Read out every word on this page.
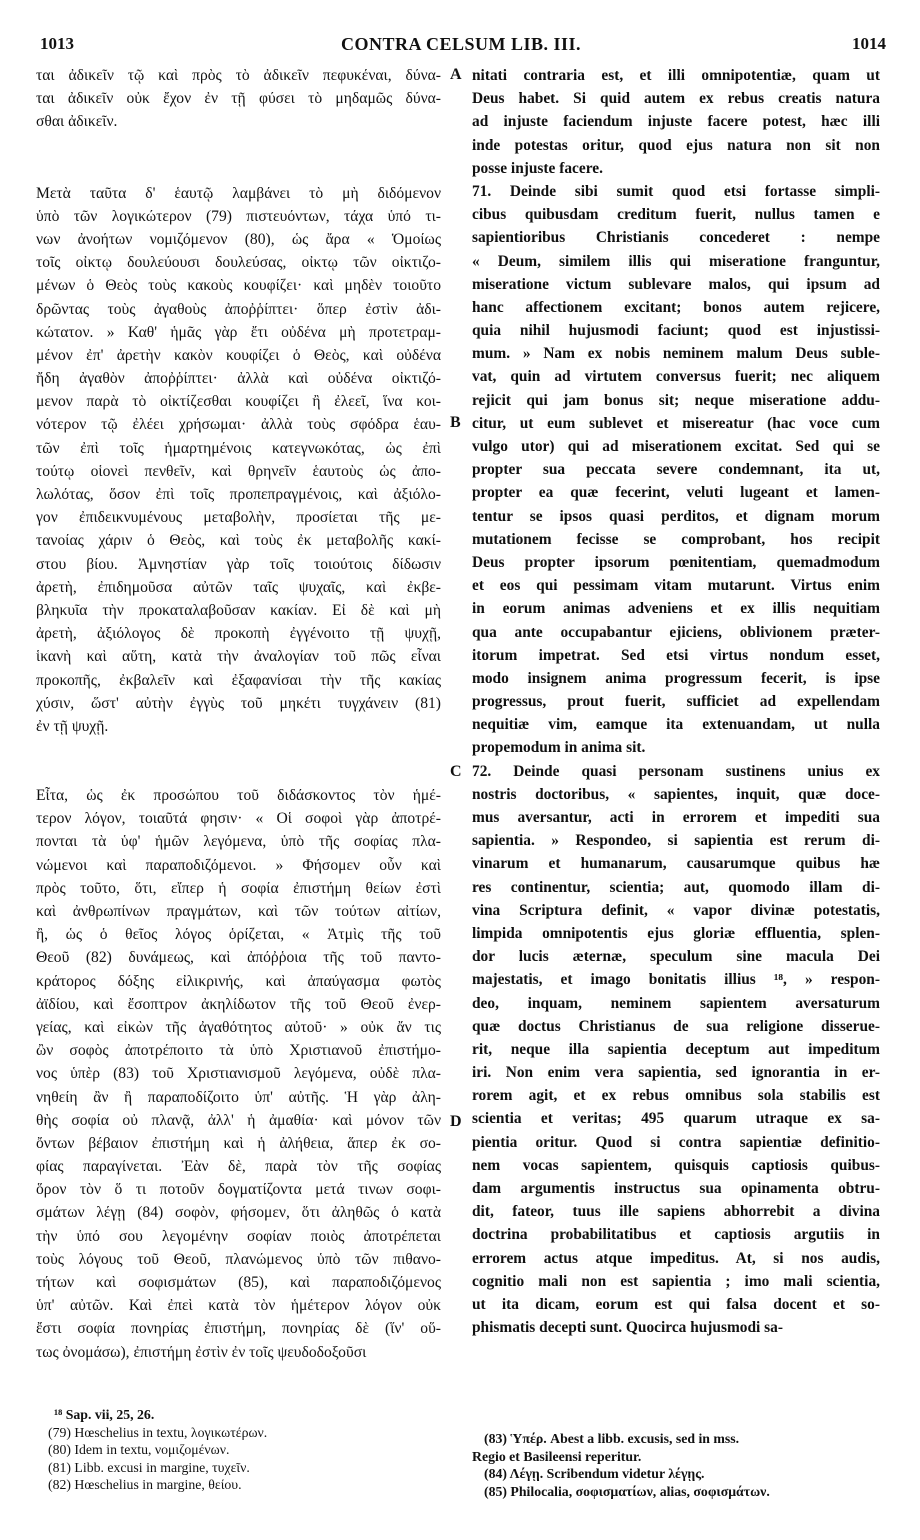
1013	CONTRA CELSUM LIB. III.	1014
ται ἀδικεῖν τῷ καὶ πρὸς τὸ ἀδικεῖν πεφυκέναι, δύνα-
ται ἀδικεῖν οὐκ ἔχον ἐν τῇ φύσει τὸ μηδαμῶς δύνα-
σθαι ἀδικεῖν.
Μετὰ ταῦτα δ' ἑαυτῷ λαμβάνει τὸ μὴ διδόμενον
ὑπὸ τῶν λογικώτερον (79) πιστευόντων, τάχα ὑπό τι-
νων ἀνοήτων νομιζόμενον (80), ὡς ἄρα « Ὁμοίως
τοῖς οἰκτῳ δουλεύουσι δουλεύσας, οἰκτῳ τῶν οἰκτιζο-
μένων ὁ Θεὸς τοὺς κακοὺς κουφίζει· καὶ μηδὲν τοιοῦτο
δρῶντας τοὺς ἀγαθοὺς ἀποῤῥίπτει· ὅπερ ἐστὶν ἀδι-
κώτατον. » Καθ' ἡμᾶς γὰρ ἔτι οὐδένα μὴ προτετραμ-
μένον ἐπ' ἀρετὴν κακὸν κουφίζει ὁ Θεὸς, καὶ οὐδένα
ἤδη ἀγαθὸν ἀποῤῥίπτει· ἀλλὰ καὶ οὐδένα οἰκτιζό-
μενον παρὰ τὸ οἰκτίζεσθαι κουφίζει ἢ ἐλεεῖ, ἵνα κοι-
νότερον τῷ ἐλέει χρήσωμαι· ἀλλὰ τοὺς σφόδρα ἑαυ-
τῶν ἐπὶ τοῖς ἡμαρτημένοις κατεγνωκότας, ὡς ἐπὶ
τούτῳ οἱονεὶ πενθεῖν, καὶ θρηνεῖν ἑαυτοὺς ὡς ἀπο-
λωλότας, ὅσον ἐπὶ τοῖς προπεπραγμένοις, καὶ ἀξιόλο-
γον ἐπιδεικνυμένους μεταβολὴν, προσίεται τῆς με-
τανοίας χάριν ὁ Θεὸς, καὶ τοὺς ἐκ μεταβολῆς κακί-
στου βίου. Ἀμνηστίαν γὰρ τοῖς τοιούτοις δίδωσιν
ἀρετὴ, ἐπιδημοῦσα αὐτῶν ταῖς ψυχαῖς, καὶ ἐκβε-
βληκυῖα τὴν προκαταλαβοῦσαν κακίαν. Εἰ δὲ καὶ μὴ
ἀρετὴ, ἀξιόλογος δὲ προκοπὴ ἐγγένοιτο τῇ ψυχῇ,
ἱκανὴ καὶ αὕτη, κατὰ τὴν ἀναλογίαν τοῦ πῶς εἶναι
προκοπῆς, ἐκβαλεῖν καὶ ἐξαφανίσαι τὴν τῆς κακίας
χύσιν, ὥστ' αὐτὴν ἐγγὺς τοῦ μηκέτι τυγχάνειν (81)
ἐν τῇ ψυχῇ.
Εἶτα, ὡς ἐκ προσώπου τοῦ διδάσκοντος τὸν ἡμέ-
τερον λόγον, τοιαῦτά φησιν· « Οἱ σοφοὶ γὰρ ἀποτρέ-
πονται τὰ ὑφ' ἡμῶν λεγόμενα, ὑπὸ τῆς σοφίας πλα-
νώμενοι καὶ παραποδιζόμενοι. » Φήσομεν οὖν καὶ
πρὸς τοῦτο, ὅτι, εἴπερ ἡ σοφία ἐπιστήμη θείων ἐστὶ
καὶ ἀνθρωπίνων πραγμάτων, καὶ τῶν τούτων αἰτίων,
ἢ, ὡς ὁ θεῖος λόγος ὁρίζεται, « Ἀτμὶς τῆς τοῦ
Θεοῦ (82) δυνάμεως, καὶ ἀπόῤῥοια τῆς τοῦ παντο-
κράτορος δόξης εἰλικρινής, καὶ ἀπαύγασμα φωτὸς
ἀϊδίου, καὶ ἔσοπτρον ἀκηλίδωτον τῆς τοῦ Θεοῦ ἐνερ-
γείας, καὶ εἰκὼν τῆς ἀγαθότητος αὐτοῦ· » οὐκ ἄν τις
ὢν σοφὸς ἀποτρέποιτο τὰ ὑπὸ Χριστιανοῦ ἐπιστήμο-
νος ὑπὲρ (83) τοῦ Χριστιανισμοῦ λεγόμενα, οὐδὲ πλα-
νηθείη ἂν ἢ παραποδίζοιτο ὑπ' αὐτῆς. Ἡ γὰρ ἀλη-
θὴς σοφία οὐ πλανᾷ, ἀλλ' ἡ ἀμαθία· καὶ μόνον τῶν
ὄντων βέβαιον ἐπιστήμη καὶ ἡ ἀλήθεια, ἅπερ ἐκ σο-
φίας παραγίνεται. Ἐὰν δὲ, παρὰ τὸν τῆς σοφίας
ὅρον τὸν ὅ τι ποτοῦν δογματίζοντα μετά τινων σοφι-
σμάτων λέγῃ (84) σοφὸν, φήσομεν, ὅτι ἀληθῶς ὁ κατὰ
τὴν ὑπό σου λεγομένην σοφίαν ποιὸς ἀποτρέπεται
τοὺς λόγους τοῦ Θεοῦ, πλανώμενος ὑπὸ τῶν πιθανο-
τήτων καὶ σοφισμάτων (85), καὶ παραποδιζόμενος
ὑπ' αὐτῶν. Καὶ ἐπεὶ κατὰ τὸν ἡμέτερον λόγον οὐκ
ἔστι σοφία πονηρίας ἐπιστήμη, πονηρίας δὲ (ἵν' οὕ-
τως ὀνομάσω), ἐπιστήμη ἐστὶν ἐν τοῖς ψευδοδοξοῦσι
A
B
C
D
nitati contraria est, et illi omnipotentiæ, quam ut
Deus habet. Si quid autem ex rebus creatis natura
ad injuste faciendum injuste facere potest, hæc illi
inde potestas oritur, quod ejus natura non sit non
posse injuste facere.
71. Deinde sibi sumit quod etsi fortasse simpli-
cibus quibusdam creditum fuerit, nullus tamen e
sapientioribus Christianis concederet : nempe
« Deum, similem illis qui miseratione franguntur,
miseratione victum sublevare malos, qui ipsum ad
hanc affectionem excitant; bonos autem rejicere,
quia nihil hujusmodi faciunt; quod est injustissi-
mum. » Nam ex nobis neminem malum Deus suble-
vat, quin ad virtutem conversus fuerit; nec aliquem
rejicit qui jam bonus sit; neque miseratione addu-
citur, ut eum sublevet et misereatur (hac voce cum
vulgo utor) qui ad miserationem excitat. Sed qui se
propter sua peccata severe condemnant, ita ut,
propter ea quæ fecerint, veluti lugeant et lamen-
tentur se ipsos quasi perditos, et dignam morum
mutationem fecisse se comprobant, hos recipit
Deus propter ipsorum pœnitentiam, quemadmodum
et eos qui pessimam vitam mutarunt. Virtus enim
in eorum animas adveniens et ex illis nequitiam
qua ante occupabantur ejiciens, oblivionem præter-
itorum impetrat. Sed etsi virtus nondum esset,
modo insignem anima progressum fecerit, is ipse
progressus, prout fuerit, sufficiet ad expellendam
nequitiæ vim, eamque ita extenuandam, ut nulla
propemodum in anima sit.
72. Deinde quasi personam sustinens unius ex
nostris doctoribus, « sapientes, inquit, quæ doce-
mus aversantur, acti in errorem et impediti sua
sapientia. » Respondeo, si sapientia est rerum di-
vinarum et humanarum, causarumque quibus hæ
res continentur, scientia; aut, quomodo illam di-
vina Scriptura definit, « vapor divinæ potestatis,
limpida omnipotentis ejus gloriæ effluentia, splen-
dor lucis æternæ, speculum sine macula Dei
majestatis, et imago bonitatis illius ¹⁸, » respon-
deo, inquam, neminem sapientem aversaturum
quæ doctus Christianus de sua religione disserue-
rit, neque illa sapientia deceptum aut impeditum
iri. Non enim vera sapientia, sed ignorantia in er-
rorem agit, et ex rebus omnibus sola stabilis est
scientia et veritas; 495 quarum utraque ex sa-
pientia oritur. Quod si contra sapientiæ definitio-
nem vocas sapientem, quisquis captiosis quibus-
dam argumentis instructus sua opinamenta obtru-
dit, fateor, tuus ille sapiens abhorrebit a divina
doctrina probabilitatibus et captiosis argutiis in
errorem actus atque impeditus. At, si nos audis,
cognitio mali non est sapientia ; imo mali scientia,
ut ita dicam, eorum est qui falsa docent et so-
phismatis decepti sunt. Quocirca hujusmodi sa-
¹⁸ Sap. vii, 25, 26.
(79) Hœschelius in textu, λογικωτέρων.
(80) Idem in textu, νομιζομένων.
(81) Libb. excusi in margine, τυχεῖν.
(82) Hœschelius in margine, θείου.
(83) Ὑπέρ. Abest a libb. excusis, sed in mss.
Regio et Basileensi reperitur.
(84) Λέγῃ. Scribendum videtur λέγῃς.
(85) Philocalia, σοφισματίων, alias, σοφισμάτων.
